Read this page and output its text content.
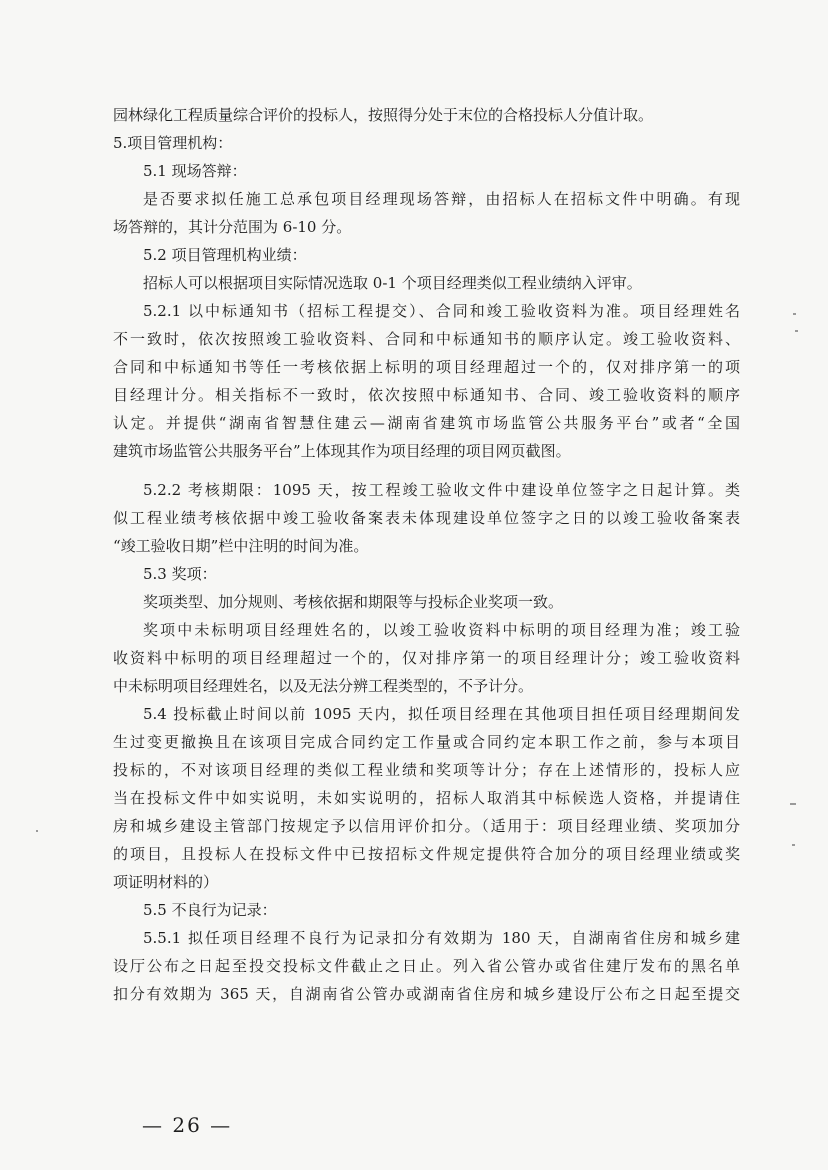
园林绿化工程质量综合评价的投标人，按照得分处于末位的合格投标人分值计取。
5.项目管理机构：
5.1 现场答辩：
是否要求拟任施工总承包项目经理现场答辩，由招标人在招标文件中明确。有现
场答辩的，其计分范围为 6-10 分。
5.2 项目管理机构业绩：
招标人可以根据项目实际情况选取 0-1 个项目经理类似工程业绩纳入评审。
5.2.1 以中标通知书（招标工程提交）、合同和竣工验收资料为准。项目经理姓名
不一致时，依次按照竣工验收资料、合同和中标通知书的顺序认定。竣工验收资料、
合同和中标通知书等任一考核依据上标明的项目经理超过一个的，仅对排序第一的项
目经理计分。相关指标不一致时，依次按照中标通知书、合同、竣工验收资料的顺序
认定。并提供“湖南省智慧住建云—湖南省建筑市场监管公共服务平台”或者“全国
建筑市场监管公共服务平台”上体现其作为项目经理的项目网页截图。
5.2.2 考核期限：1095 天，按工程竣工验收文件中建设单位签字之日起计算。类
似工程业绩考核依据中竣工验收备案表未体现建设单位签字之日的以竣工验收备案表
“竣工验收日期”栏中注明的时间为准。
5.3 奖项：
奖项类型、加分规则、考核依据和期限等与投标企业奖项一致。
奖项中未标明项目经理姓名的，以竣工验收资料中标明的项目经理为准；竣工验
收资料中标明的项目经理超过一个的，仅对排序第一的项目经理计分；竣工验收资料
中未标明项目经理姓名，以及无法分辨工程类型的，不予计分。
5.4 投标截止时间以前 1095 天内，拟任项目经理在其他项目担任项目经理期间发
生过变更撤换且在该项目完成合同约定工作量或合同约定本职工作之前，参与本项目
投标的，不对该项目经理的类似工程业绩和奖项等计分；存在上述情形的，投标人应
当在投标文件中如实说明，未如实说明的，招标人取消其中标候选人资格，并提请住
房和城乡建设主管部门按规定予以信用评价扣分。（适用于：项目经理业绩、奖项加分
的项目，且投标人在投标文件中已按招标文件规定提供符合加分的项目经理业绩或奖
项证明材料的）
5.5 不良行为记录：
5.5.1 拟任项目经理不良行为记录扣分有效期为 180 天，自湖南省住房和城乡建
设厅公布之日起至投交投标文件截止之日止。列入省公管办或省住建厅发布的黑名单
扣分有效期为 365 天，自湖南省公管办或湖南省住房和城乡建设厅公布之日起至提交
— 26 —
